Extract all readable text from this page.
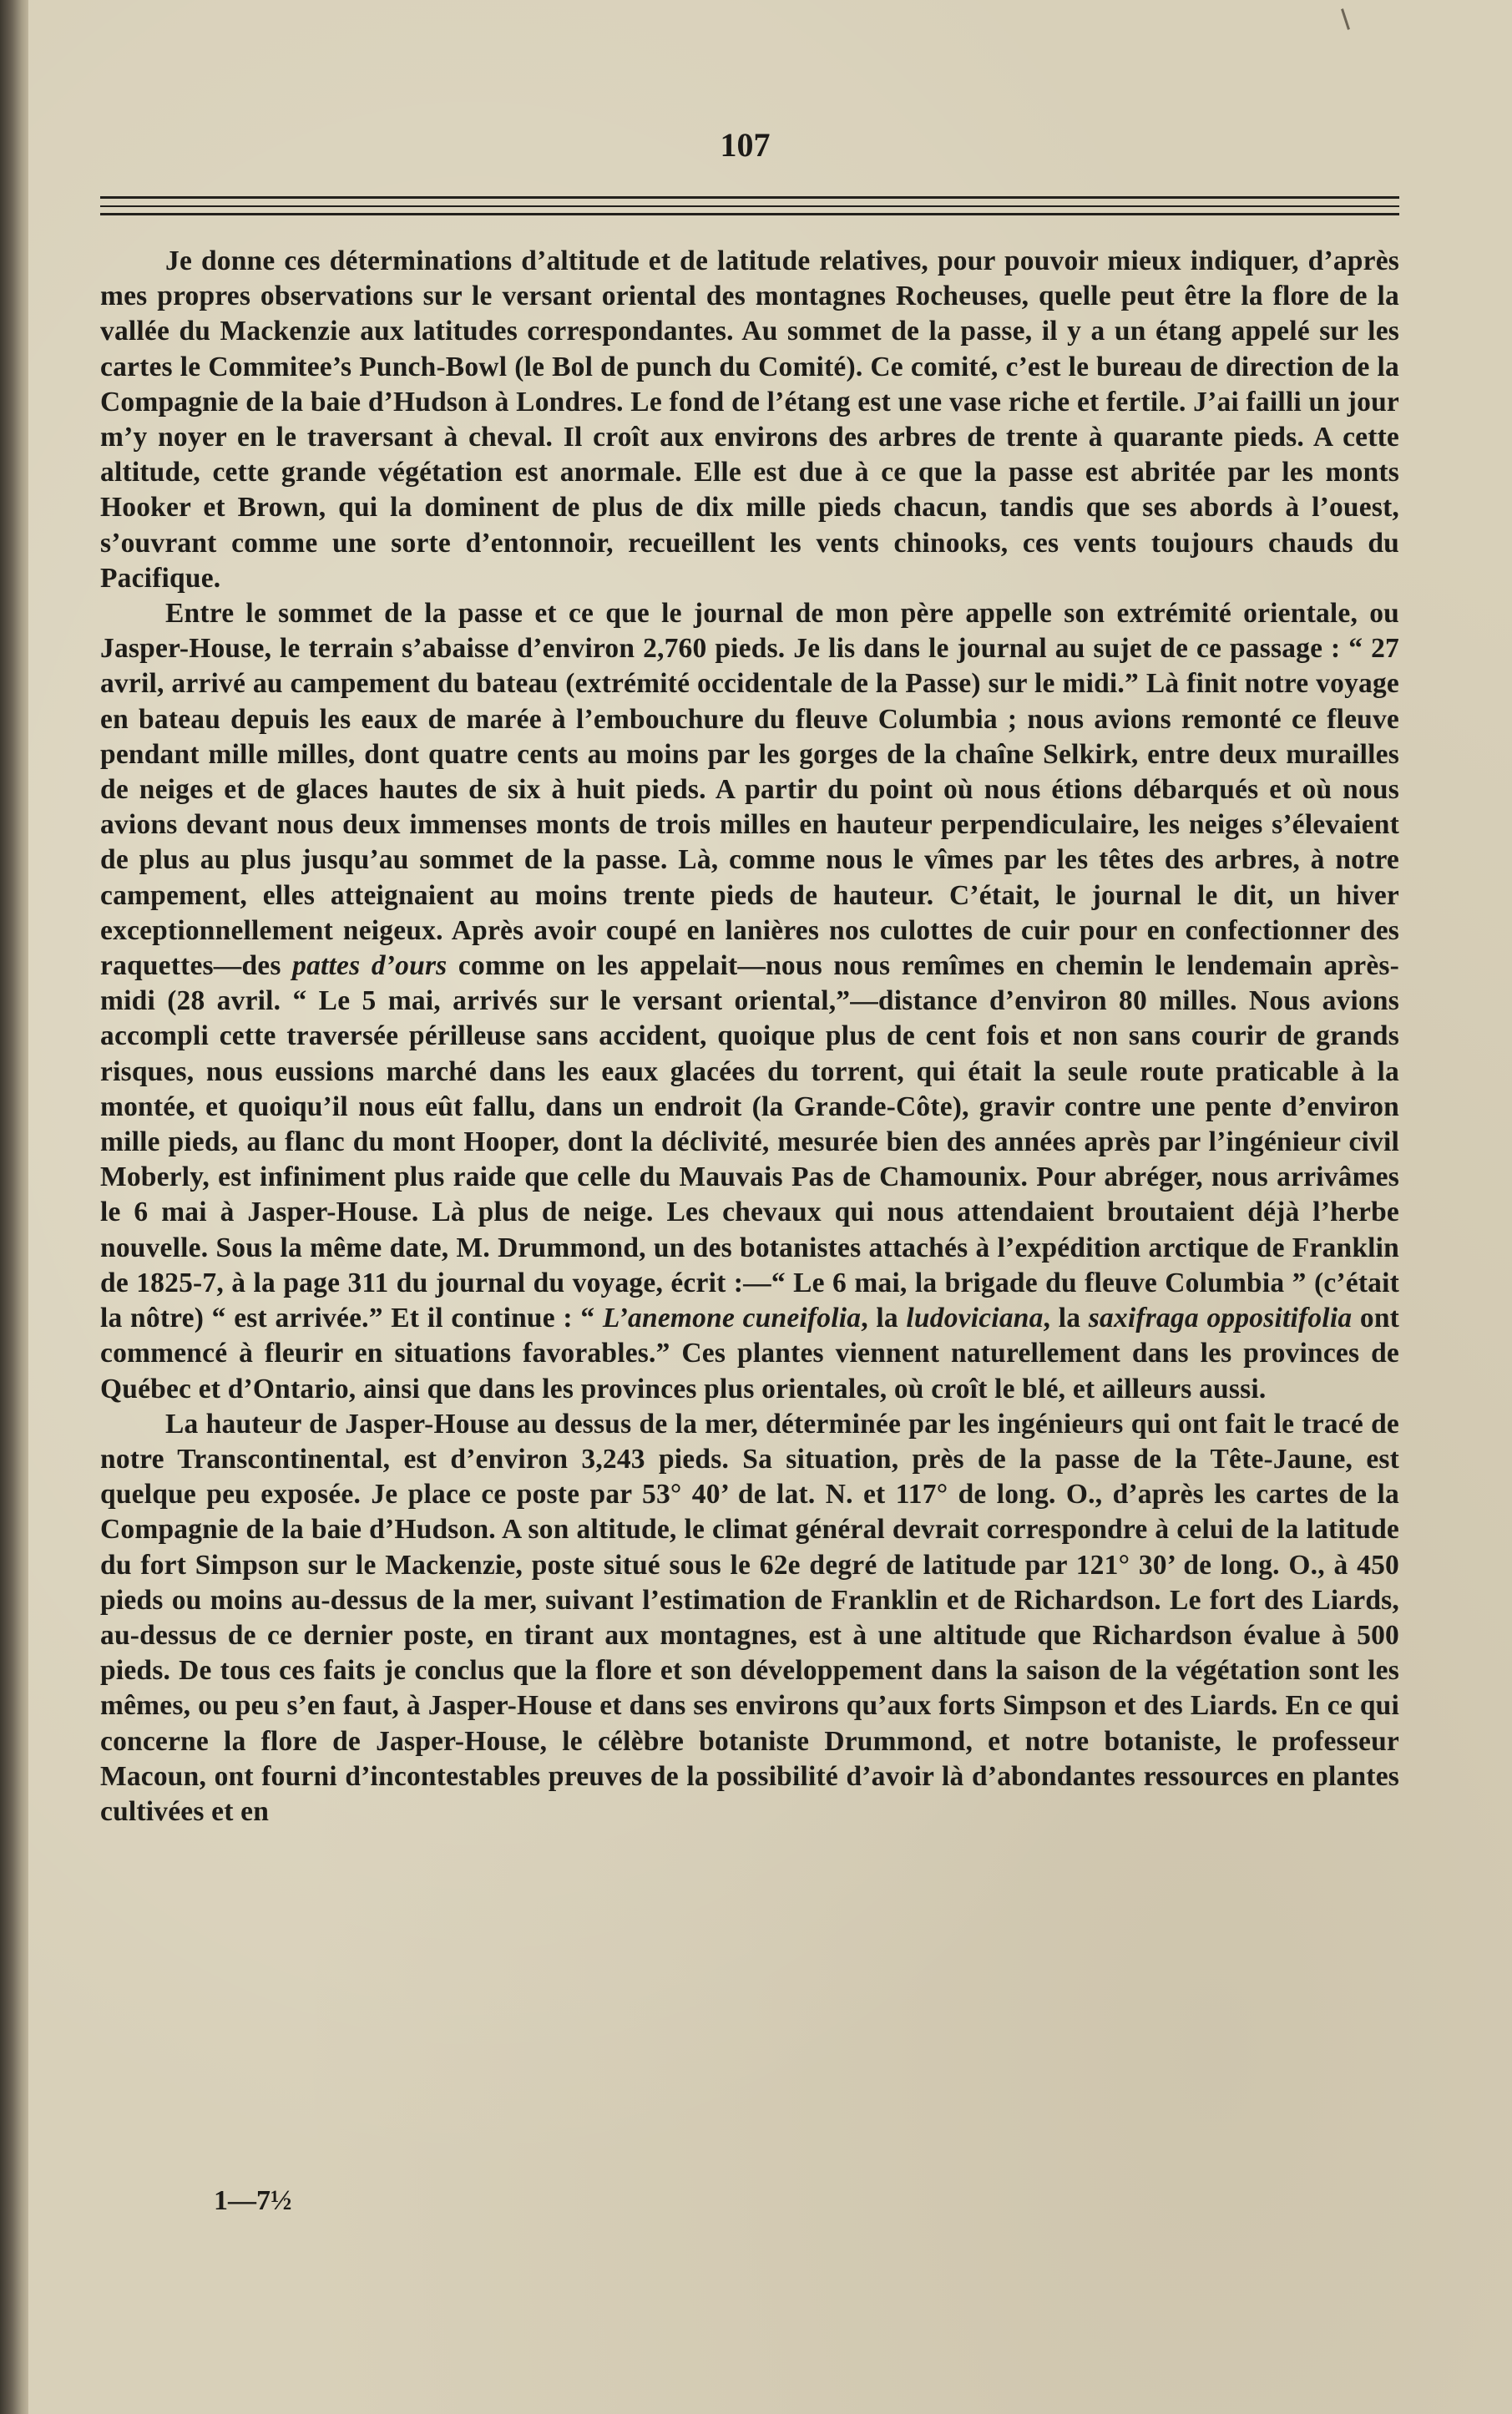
107

Je donne ces déterminations d’altitude et de latitude relatives, pour pouvoir mieux indiquer, d’après mes propres observations sur le versant oriental des montagnes Rocheuses, quelle peut être la flore de la vallée du Mackenzie aux latitudes correspondantes. Au sommet de la passe, il y a un étang appelé sur les cartes le Commitee’s Punch-Bowl (le Bol de punch du Comité). Ce comité, c’est le bureau de direction de la Compagnie de la baie d’Hudson à Londres. Le fond de l’étang est une vase riche et fertile. J’ai failli un jour m’y noyer en le traversant à cheval. Il croît aux environs des arbres de trente à quarante pieds. A cette altitude, cette grande végétation est anormale. Elle est due à ce que la passe est abritée par les monts Hooker et Brown, qui la dominent de plus de dix mille pieds chacun, tandis que ses abords à l’ouest, s’ouvrant comme une sorte d’entonnoir, recueillent les vents chinooks, ces vents toujours chauds du Pacifique.

Entre le sommet de la passe et ce que le journal de mon père appelle son extrémité orientale, ou Jasper-House, le terrain s’abaisse d’environ 2,760 pieds. Je lis dans le journal au sujet de ce passage : “ 27 avril, arrivé au campement du bateau (extrémité occidentale de la Passe) sur le midi.” Là finit notre voyage en bateau depuis les eaux de marée à l’embouchure du fleuve Columbia ; nous avions remonté ce fleuve pendant mille milles, dont quatre cents au moins par les gorges de la chaîne Selkirk, entre deux murailles de neiges et de glaces hautes de six à huit pieds. A partir du point où nous étions débarqués et où nous avions devant nous deux immenses monts de trois milles en hauteur perpendiculaire, les neiges s’élevaient de plus au plus jusqu’au sommet de la passe. Là, comme nous le vîmes par les têtes des arbres, à notre campement, elles atteignaient au moins trente pieds de hauteur. C’était, le journal le dit, un hiver exceptionnellement neigeux. Après avoir coupé en lanières nos culottes de cuir pour en confectionner des raquettes—des pattes d’ours comme on les appelait—nous nous remîmes en chemin le lendemain après-midi (28 avril. “ Le 5 mai, arrivés sur le versant oriental,”—distance d’environ 80 milles. Nous avions accompli cette traversée périlleuse sans accident, quoique plus de cent fois et non sans courir de grands risques, nous eussions marché dans les eaux glacées du torrent, qui était la seule route praticable à la montée, et quoiqu’il nous eût fallu, dans un endroit (la Grande-Côte), gravir contre une pente d’environ mille pieds, au flanc du mont Hooper, dont la déclivité, mesurée bien des années après par l’ingénieur civil Moberly, est infiniment plus raide que celle du Mauvais Pas de Chamounix. Pour abréger, nous arrivâmes le 6 mai à Jasper-House. Là plus de neige. Les chevaux qui nous attendaient broutaient déjà l’herbe nouvelle. Sous la même date, M. Drummond, un des botanistes attachés à l’expédition arctique de Franklin de 1825-7, à la page 311 du journal du voyage, écrit :—“ Le 6 mai, la brigade du fleuve Columbia ” (c’était la nôtre) “ est arrivée.” Et il continue : “ L’anemone cuneifolia, la ludoviciana, la saxifraga oppositifolia ont commencé à fleurir en situations favorables.” Ces plantes viennent naturellement dans les provinces de Québec et d’Ontario, ainsi que dans les provinces plus orientales, où croît le blé, et ailleurs aussi.

La hauteur de Jasper-House au dessus de la mer, déterminée par les ingénieurs qui ont fait le tracé de notre Transcontinental, est d’environ 3,243 pieds. Sa situation, près de la passe de la Tête-Jaune, est quelque peu exposée. Je place ce poste par 53° 40’ de lat. N. et 117° de long. O., d’après les cartes de la Compagnie de la baie d’Hudson. A son altitude, le climat général devrait correspondre à celui de la latitude du fort Simpson sur le Mackenzie, poste situé sous le 62e degré de latitude par 121° 30’ de long. O., à 450 pieds ou moins au-dessus de la mer, suivant l’estimation de Franklin et de Richardson. Le fort des Liards, au-dessus de ce dernier poste, en tirant aux montagnes, est à une altitude que Richardson évalue à 500 pieds. De tous ces faits je conclus que la flore et son développement dans la saison de la végétation sont les mêmes, ou peu s’en faut, à Jasper-House et dans ses environs qu’aux forts Simpson et des Liards. En ce qui concerne la flore de Jasper-House, le célèbre botaniste Drummond, et notre botaniste, le professeur Macoun, ont fourni d’incontestables preuves de la possibilité d’avoir là d’abondantes ressources en plantes cultivées et en

1—7½
